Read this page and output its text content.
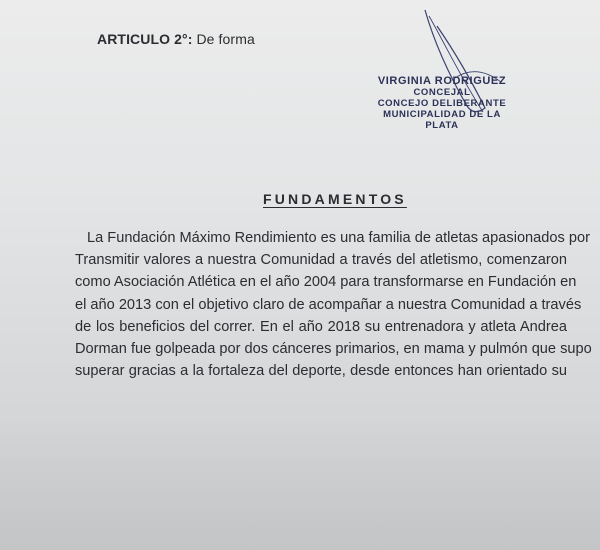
ARTICULO 2°: De forma
VIRGINIA RODRIGUEZ
CONCEJAL
CONCEJO DELIBERANTE
MUNICIPALIDAD DE LA PLATA
FUNDAMENTOS
La Fundación Máximo Rendimiento es una familia de atletas apasionados por
Transmitir valores a nuestra Comunidad a través del atletismo, comenzaron
como Asociación Atlética en el año 2004 para transformarse en Fundación en
el año 2013 con el objetivo claro de acompañar a nuestra Comunidad a través
de los beneficios del correr. En el año 2018 su entrenadora y atleta Andrea
Dorman fue golpeada por dos cánceres primarios, en mama y pulmón que supo
superar gracias a la fortaleza del deporte, desde entonces han orientado su
